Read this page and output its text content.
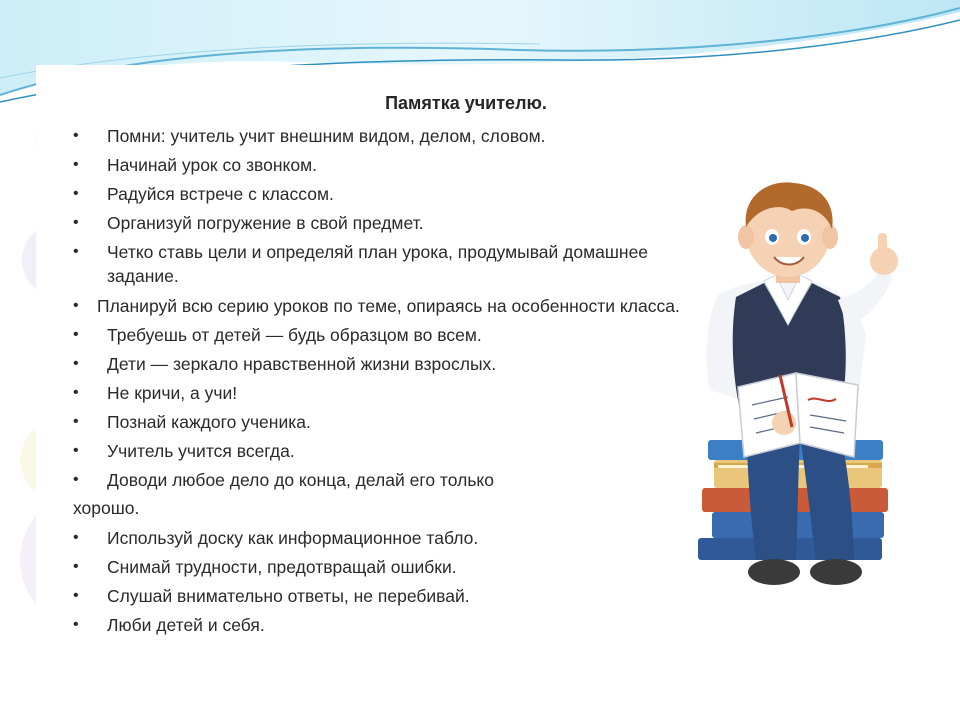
Памятка учителю.
• Помни: учитель учит внешним видом, делом, словом.
• Начинай урок со звонком.
• Радуйся встрече с классом.
• Организуй погружение в свой предмет.
• Четко ставь цели и определяй план урока, продумывай домашнее
задание.
• Планируй всю серию уроков по теме, опираясь на особенности класса.
• Требуешь от детей — будь образцом во всем.
• Дети — зеркало нравственной жизни взрослых.
• Не кричи, а учи!
• Познай каждого ученика.
• Учитель учится всегда.
• Доводи любое дело до конца, делай его только
хорошо.
• Используй доску как информационное табло.
• Снимай трудности, предотвращай ошибки.
• Слушай внимательно ответы, не перебивай.
• Люби детей и себя.
